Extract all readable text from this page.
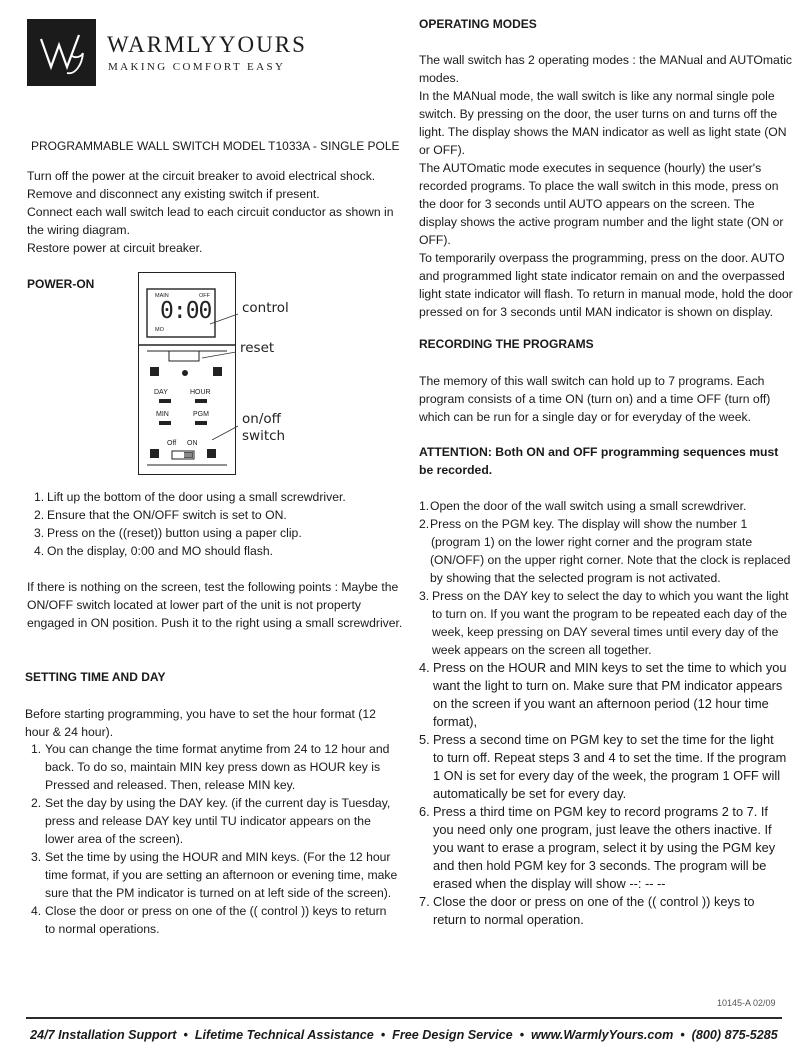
WARMLYYOURS
MAKING COMFORT EASY
PROGRAMMABLE WALL SWITCH MODEL T1033A - SINGLE POLE
Turn off the power at the circuit breaker to avoid electrical shock.
Remove and disconnect any existing switch if present.
Connect each wall switch lead to each circuit conductor as shown in
the wiring diagram.
Restore power at circuit breaker.
POWER-ON
MAIN	OFF
MO
0:00
DAY	HOUR
MIN	PGM
Off ON
control
reset
on/off
switch
1. Lift up the bottom of the door using a small screwdriver.
2. Ensure that the ON/OFF switch is set to ON.
3. Press on the ((reset)) button using a paper clip.
4. On the display, 0:00 and MO should flash.
If there is nothing on the screen, test the following points : Maybe the
ON/OFF switch located at lower part of the unit is not property
engaged in ON position. Push it to the right using a small screwdriver.
SETTING TIME AND DAY
Before starting programming, you have to set the hour format (12
hour & 24 hour).
1. You can change the time format anytime from 24 to 12 hour and
back. To do so, maintain MIN key press down as HOUR key is
Pressed and released. Then, release MIN key.
2. Set the day by using the DAY key. (if the current day is Tuesday,
press and release DAY key until TU indicator appears on the
lower area of the screen).
3. Set the time by using the HOUR and MIN keys. (For the 12 hour
time format, if you are setting an afternoon or evening time, make
sure that the PM indicator is turned on at left side of the screen).
4. Close the door or press on one of the (( control )) keys to return
to normal operations.
OPERATING MODES
The wall switch has 2 operating modes : the MANual and AUTOmatic
modes.
In the MANual mode, the wall switch is like any normal single pole
switch. By pressing on the door, the user turns on and turns off the
light. The display shows the MAN indicator as well as light state (ON
or OFF).
The AUTOmatic mode executes in sequence (hourly) the user's
recorded programs. To place the wall switch in this mode, press on
the door for 3 seconds until AUTO appears on the screen. The
display shows the active program number and the light state (ON or
OFF).
To temporarily overpass the programming, press on the door. AUTO
and programmed light state indicator remain on and the overpassed
light state indicator will flash. To return in manual mode, hold the door
pressed on for 3 seconds until MAN indicator is shown on display.
RECORDING THE PROGRAMS
The memory of this wall switch can hold up to 7 programs. Each
program consists of a time ON (turn on) and a time OFF (turn off)
which can be run for a single day or for everyday of the week.
ATTENTION: Both ON and OFF programming sequences must
be recorded.
1. Open the door of the wall switch using a small screwdriver.
2. Press on the PGM key. The display will show the number 1
(program 1) on the lower right corner and the program state
(ON/OFF) on the upper right corner. Note that the clock is replaced
by showing that the selected program is not activated.
3. Press on the DAY key to select the day to which you want the light
to turn on. If you want the program to be repeated each day of the
week, keep pressing on DAY several times until every day of the
week appears on the screen all together.
4. Press on the HOUR and MIN keys to set the time to which you
want the light to turn on. Make sure that PM indicator appears
on the screen if you want an afternoon period (12 hour time
format),
5. Press a second time on PGM key to set the time for the light
to turn off. Repeat steps 3 and 4 to set the time. If the program
1 ON is set for every day of the week, the program 1 OFF will
automatically be set for every day.
6. Press a third time on PGM key to record programs 2 to 7. If
you need only one program, just leave the others inactive. If
you want to erase a program, select it by using the PGM key
and then hold PGM key for 3 seconds. The program will be
erased when the display will show --: -- --
7. Close the door or press on one of the (( control )) keys to
return to normal operation.
10145-A 02/09
24/7 Installation Support  •  Lifetime Technical Assistance  •  Free Design Service  •  www.WarmlyYours.com  •  (800) 875-5285
